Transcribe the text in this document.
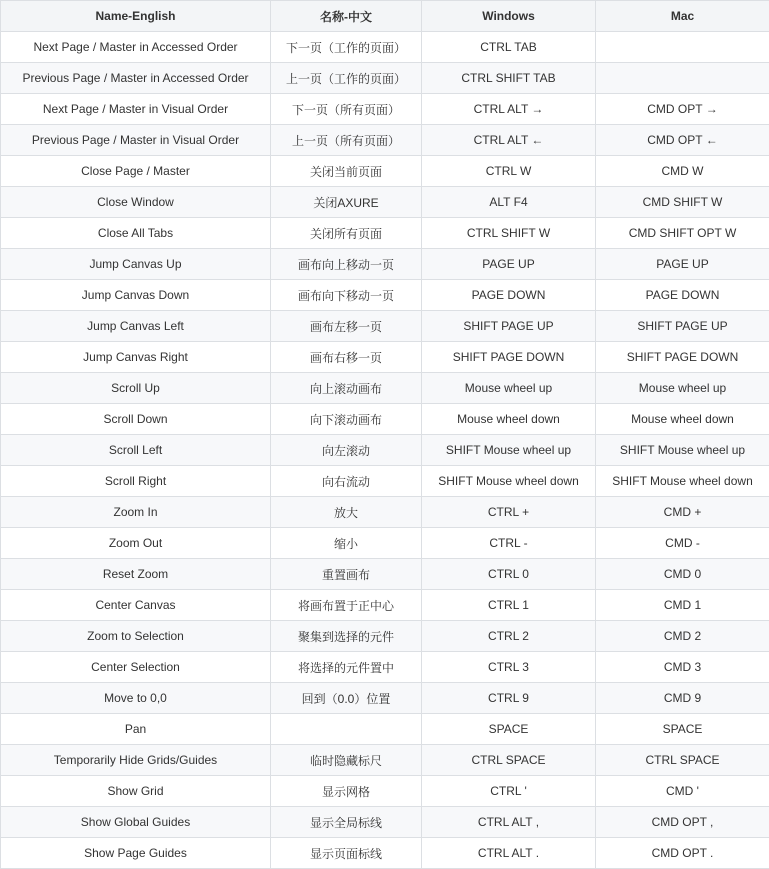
Name-English	名称-中文	Windows	Mac
Next Page / Master in Accessed Order	下一页（工作的页面）	CTRL TAB	
Previous Page / Master in Accessed Order	上一页（工作的页面）	CTRL SHIFT TAB	
Next Page / Master in Visual Order	下一页（所有页面）	CTRL ALT →	CMD OPT →
Previous Page / Master in Visual Order	上一页（所有页面）	CTRL ALT ←	CMD OPT ←
Close Page / Master	关闭当前页面	CTRL W	CMD W
Close Window	关闭AXURE	ALT F4	CMD SHIFT W
Close All Tabs	关闭所有页面	CTRL SHIFT W	CMD SHIFT OPT W
Jump Canvas Up	画布向上移动一页	PAGE UP	PAGE UP
Jump Canvas Down	画布向下移动一页	PAGE DOWN	PAGE DOWN
Jump Canvas Left	画布左移一页	SHIFT PAGE UP	SHIFT PAGE UP
Jump Canvas Right	画布右移一页	SHIFT PAGE DOWN	SHIFT PAGE DOWN
Scroll Up	向上滚动画布	Mouse wheel up	Mouse wheel up
Scroll Down	向下滚动画布	Mouse wheel down	Mouse wheel down
Scroll Left	向左滚动	SHIFT Mouse wheel up	SHIFT Mouse wheel up
Scroll Right	向右流动	SHIFT Mouse wheel down	SHIFT Mouse wheel down
Zoom In	放大	CTRL +	CMD +
Zoom Out	缩小	CTRL -	CMD -
Reset Zoom	重置画布	CTRL 0	CMD 0
Center Canvas	将画布置于正中心	CTRL 1	CMD 1
Zoom to Selection	聚集到选择的元件	CTRL 2	CMD 2
Center Selection	将选择的元件置中	CTRL 3	CMD 3
Move to 0,0	回到（0.0）位置	CTRL 9	CMD 9
Pan		SPACE	SPACE
Temporarily Hide Grids/Guides	临时隐藏标尺	CTRL SPACE	CTRL SPACE
Show Grid	显示网格	CTRL '	CMD '
Show Global Guides	显示全局标线	CTRL ALT ,	CMD OPT ,
Show Page Guides	显示页面标线	CTRL ALT .	CMD OPT .
